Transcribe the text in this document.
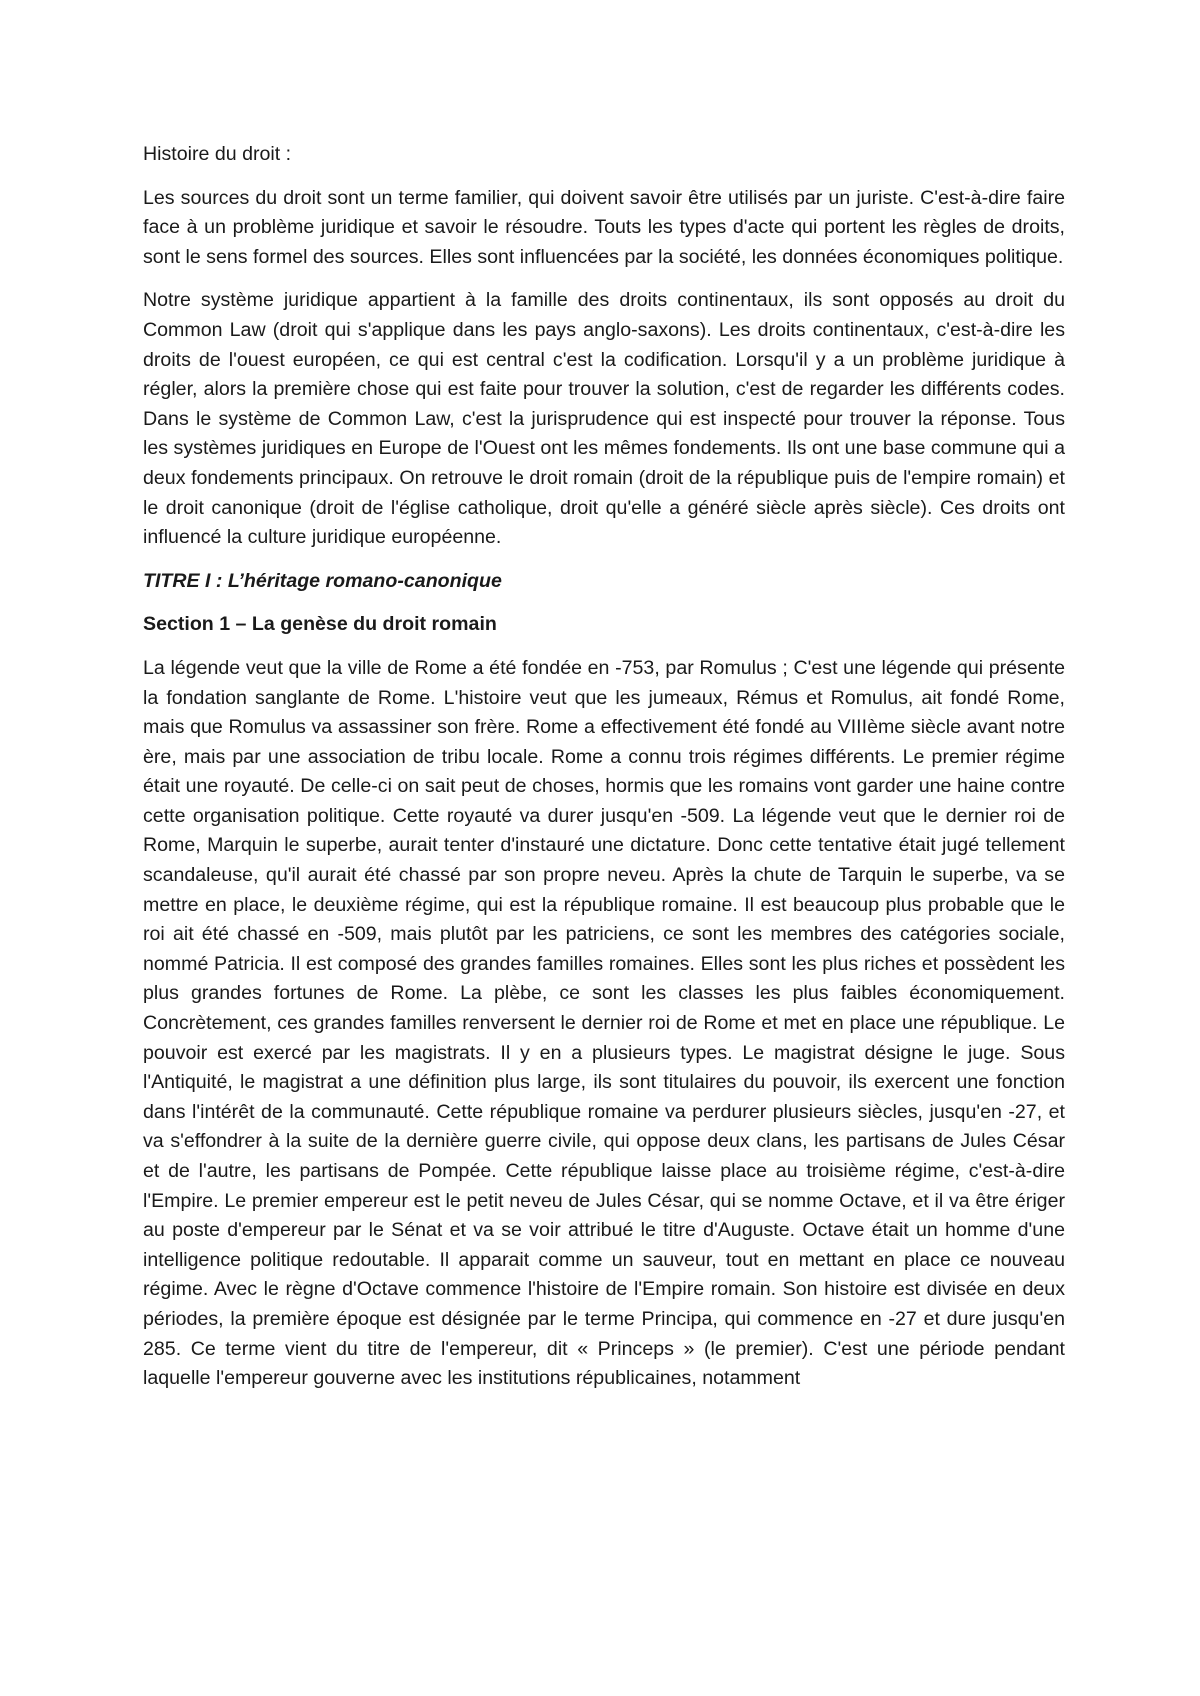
Histoire du droit :
Les sources du droit sont un terme familier, qui doivent savoir être utilisés par un juriste. C'est-à-dire faire face à un problème juridique et savoir le résoudre. Touts les types d'acte qui portent les règles de droits, sont le sens formel des sources. Elles sont influencées par la société, les données économiques politique.
Notre système juridique appartient à la famille des droits continentaux, ils sont opposés au droit du Common Law (droit qui s'applique dans les pays anglo-saxons). Les droits continentaux, c'est-à-dire les droits de l'ouest européen, ce qui est central c'est la codification. Lorsqu'il y a un problème juridique à régler, alors la première chose qui est faite pour trouver la solution, c'est de regarder les différents codes. Dans le système de Common Law, c'est la jurisprudence qui est inspecté pour trouver la réponse. Tous les systèmes juridiques en Europe de l'Ouest ont les mêmes fondements. Ils ont une base commune qui a deux fondements principaux. On retrouve le droit romain (droit de la république puis de l'empire romain) et le droit canonique (droit de l'église catholique, droit qu'elle a généré siècle après siècle). Ces droits ont influencé la culture juridique européenne.
TITRE I : L’héritage romano-canonique
Section 1 – La genèse du droit romain
La légende veut que la ville de Rome a été fondée en -753, par Romulus ; C'est une légende qui présente la fondation sanglante de Rome. L'histoire veut que les jumeaux, Rémus et Romulus, ait fondé Rome, mais que Romulus va assassiner son frère. Rome a effectivement été fondé au VIIIème siècle avant notre ère, mais par une association de tribu locale. Rome a connu trois régimes différents. Le premier régime était une royauté. De celle-ci on sait peut de choses, hormis que les romains vont garder une haine contre cette organisation politique. Cette royauté va durer jusqu'en -509. La légende veut que le dernier roi de Rome, Marquin le superbe, aurait tenter d'instauré une dictature. Donc cette tentative était jugé tellement scandaleuse, qu'il aurait été chassé par son propre neveu. Après la chute de Tarquin le superbe, va se mettre en place, le deuxième régime, qui est la république romaine. Il est beaucoup plus probable que le roi ait été chassé en -509, mais plutôt par les patriciens, ce sont les membres des catégories sociale, nommé Patricia. Il est composé des grandes familles romaines. Elles sont les plus riches et possèdent les plus grandes fortunes de Rome. La plèbe, ce sont les classes les plus faibles économiquement. Concrètement, ces grandes familles renversent le dernier roi de Rome et met en place une république. Le pouvoir est exercé par les magistrats. Il y en a plusieurs types. Le magistrat désigne le juge. Sous l'Antiquité, le magistrat a une définition plus large, ils sont titulaires du pouvoir, ils exercent une fonction dans l'intérêt de la communauté. Cette république romaine va perdurer plusieurs siècles, jusqu'en -27, et va s'effondrer à la suite de la dernière guerre civile, qui oppose deux clans, les partisans de Jules César et de l'autre, les partisans de Pompée. Cette république laisse place au troisième régime, c'est-à-dire l'Empire. Le premier empereur est le petit neveu de Jules César, qui se nomme Octave, et il va être ériger au poste d'empereur par le Sénat et va se voir attribué le titre d'Auguste. Octave était un homme d'une intelligence politique redoutable. Il apparait comme un sauveur, tout en mettant en place ce nouveau régime. Avec le règne d'Octave commence l'histoire de l'Empire romain. Son histoire est divisée en deux périodes, la première époque est désignée par le terme Principa, qui commence en -27 et dure jusqu'en 285. Ce terme vient du titre de l'empereur, dit « Princeps » (le premier). C'est une période pendant laquelle l'empereur gouverne avec les institutions républicaines, notamment
